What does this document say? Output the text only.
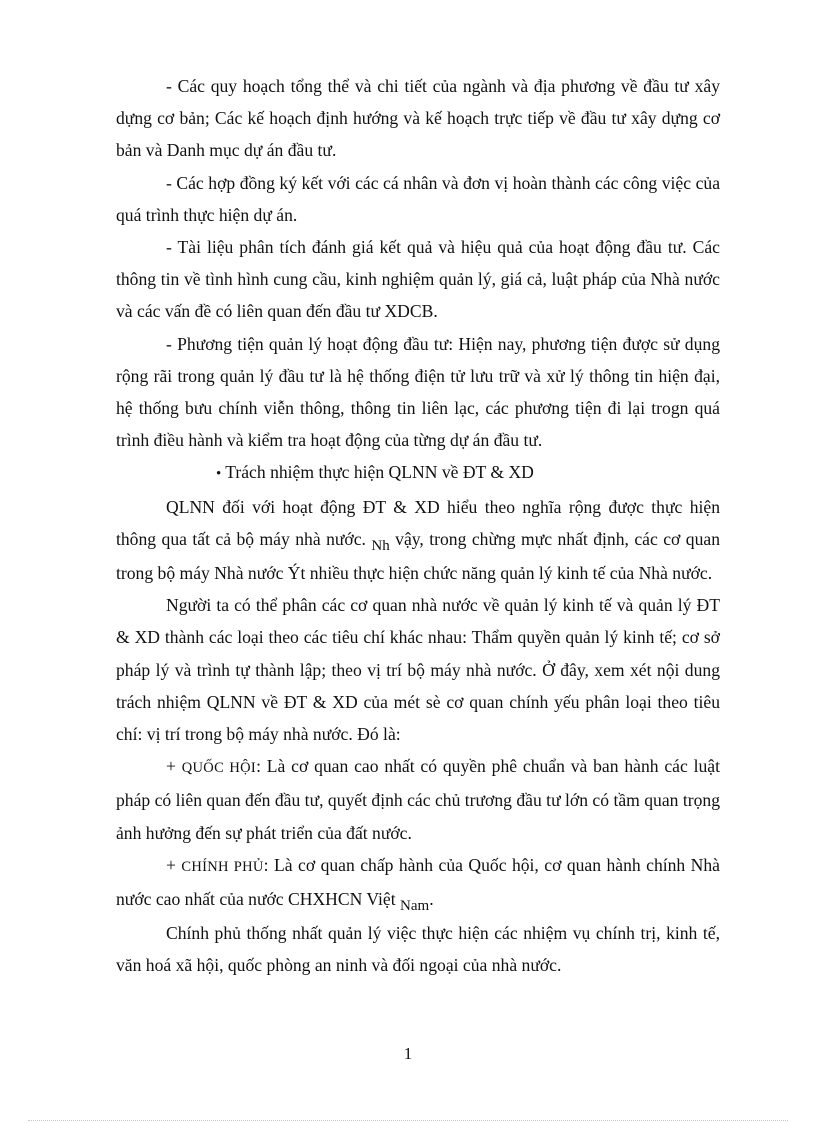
- Các quy hoạch tổng thể và chi tiết của ngành và địa phương về đầu tư xây dựng cơ bản; Các kế hoạch định hướng và kế hoạch trực tiếp về đầu tư xây dựng cơ bản và Danh mục dự án đầu tư.

- Các hợp đồng ký kết với các cá nhân và đơn vị hoàn thành các công việc của quá trình thực hiện dự án.

- Tài liệu phân tích đánh giá kết quả và hiệu quả của hoạt động đầu tư. Các thông tin về tình hình cung cầu, kinh nghiệm quản lý, giá cả, luật pháp của Nhà nước và các vấn đề có liên quan đến đầu tư XDCB.

- Phương tiện quản lý hoạt động đầu tư: Hiện nay, phương tiện được sử dụng rộng rãi trong quản lý đầu tư là hệ thống điện tử lưu trữ và xử lý thông tin hiện đại, hệ thống bưu chính viễn thông, thông tin liên lạc, các phương tiện đi lại trogn quá trình điều hành và kiểm tra hoạt động của từng dự án đầu tư.

• Trách nhiệm thực hiện QLNN về ĐT & XD

QLNN đối với hoạt động ĐT & XD hiểu theo nghĩa rộng được thực hiện thông qua tất cả bộ máy nhà nước. Nh vậy, trong chừng mực nhất định, các cơ quan trong bộ máy Nhà nước Ýt nhiều thực hiện chức năng quản lý kinh tế của Nhà nước.

Người ta có thể phân các cơ quan nhà nước về quản lý kinh tế và quản lý ĐT & XD thành các loại theo các tiêu chí khác nhau: Thẩm quyền quản lý kinh tế; cơ sở pháp lý và trình tự thành lập; theo vị trí bộ máy nhà nước. Ở đây, xem xét nội dung trách nhiệm QLNN về ĐT & XD của mét sè cơ quan chính yếu phân loại theo tiêu chí: vị trí trong bộ máy nhà nước. Đó là:

+ QUỐC HỘI: Là cơ quan cao nhất có quyền phê chuẩn và ban hành các luật pháp có liên quan đến đầu tư, quyết định các chủ trương đầu tư lớn có tầm quan trọng ảnh hưởng đến sự phát triển của đất nước.

+ CHÍNH PHỦ: Là cơ quan chấp hành của Quốc hội, cơ quan hành chính Nhà nước cao nhất của nước CHXHCN Việt Nam.

Chính phủ thống nhất quản lý việc thực hiện các nhiệm vụ chính trị, kinh tế, văn hoá xã hội, quốc phòng an ninh và đối ngoại của nhà nước.

1
